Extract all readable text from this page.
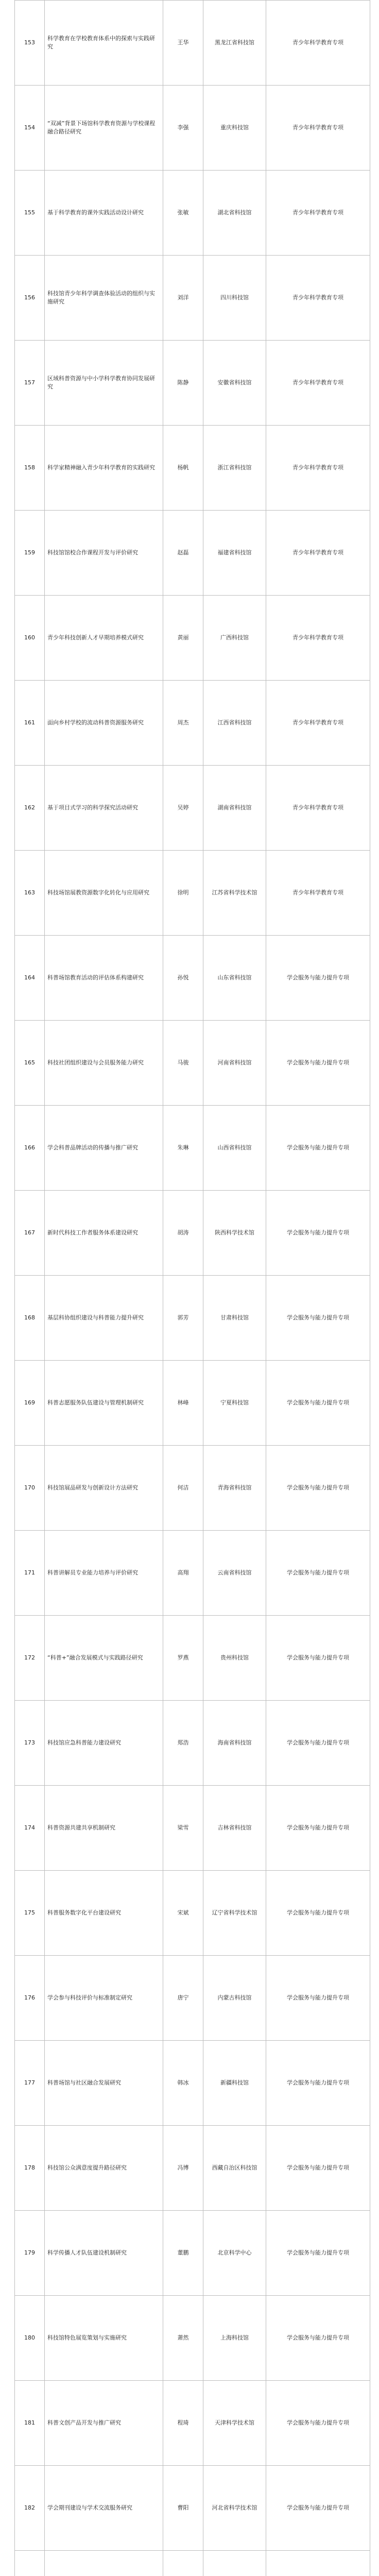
153	科学教育在学校教育体系中的探索与实践研究	王华	黑龙江省科技馆	青少年科学教育专项
154	“双减”背景下场馆科学教育资源与学校课程融合路径研究	李强	重庆科技馆	青少年科学教育专项
155	基于科学教育的课外实践活动设计研究	张敏	湖北省科技馆	青少年科学教育专项
156	科技馆青少年科学调查体验活动的组织与实施研究	刘洋	四川科技馆	青少年科学教育专项
157	区域科普资源与中小学科学教育协同发展研究	陈静	安徽省科技馆	青少年科学教育专项
158	科学家精神融入青少年科学教育的实践研究	杨帆	浙江省科技馆	青少年科学教育专项
159	科技馆馆校合作课程开发与评价研究	赵磊	福建省科技馆	青少年科学教育专项
160	青少年科技创新人才早期培养模式研究	黄丽	广西科技馆	青少年科学教育专项
161	面向乡村学校的流动科普资源服务研究	周杰	江西省科技馆	青少年科学教育专项
162	基于项目式学习的科学探究活动研究	吴婷	湖南省科技馆	青少年科学教育专项
163	科技场馆展教资源数字化转化与应用研究	徐明	江苏省科学技术馆	青少年科学教育专项
164	科普场馆教育活动的评估体系构建研究	孙悦	山东省科技馆	学会服务与能力提升专项
165	科技社团组织建设与会员服务能力研究	马骏	河南省科技馆	学会服务与能力提升专项
166	学会科普品牌活动的传播与推广研究	朱琳	山西省科技馆	学会服务与能力提升专项
167	新时代科技工作者服务体系建设研究	胡涛	陕西科学技术馆	学会服务与能力提升专项
168	基层科协组织建设与科普能力提升研究	郭芳	甘肃科技馆	学会服务与能力提升专项
169	科普志愿服务队伍建设与管理机制研究	林峰	宁夏科技馆	学会服务与能力提升专项
170	科技馆展品研发与创新设计方法研究	何洁	青海省科技馆	学会服务与能力提升专项
171	科普讲解员专业能力培养与评价研究	高翔	云南省科技馆	学会服务与能力提升专项
172	“科普+”融合发展模式与实践路径研究	罗燕	贵州科技馆	学会服务与能力提升专项
173	科技馆应急科普能力建设研究	郑浩	海南省科技馆	学会服务与能力提升专项
174	科普资源共建共享机制研究	梁雪	吉林省科技馆	学会服务与能力提升专项
175	科普服务数字化平台建设研究	宋斌	辽宁省科学技术馆	学会服务与能力提升专项
176	学会参与科技评价与标准制定研究	唐宁	内蒙古科技馆	学会服务与能力提升专项
177	科普场馆与社区融合发展研究	韩冰	新疆科技馆	学会服务与能力提升专项
178	科技馆公众满意度提升路径研究	冯博	西藏自治区科技馆	学会服务与能力提升专项
179	科学传播人才队伍建设机制研究	董鹏	北京科学中心	学会服务与能力提升专项
180	科技馆特色展览策划与实施研究	萧然	上海科技馆	学会服务与能力提升专项
181	科普文创产品开发与推广研究	程琦	天津科学技术馆	学会服务与能力提升专项
182	学会期刊建设与学术交流服务研究	曹阳	河北省科学技术馆	学会服务与能力提升专项
